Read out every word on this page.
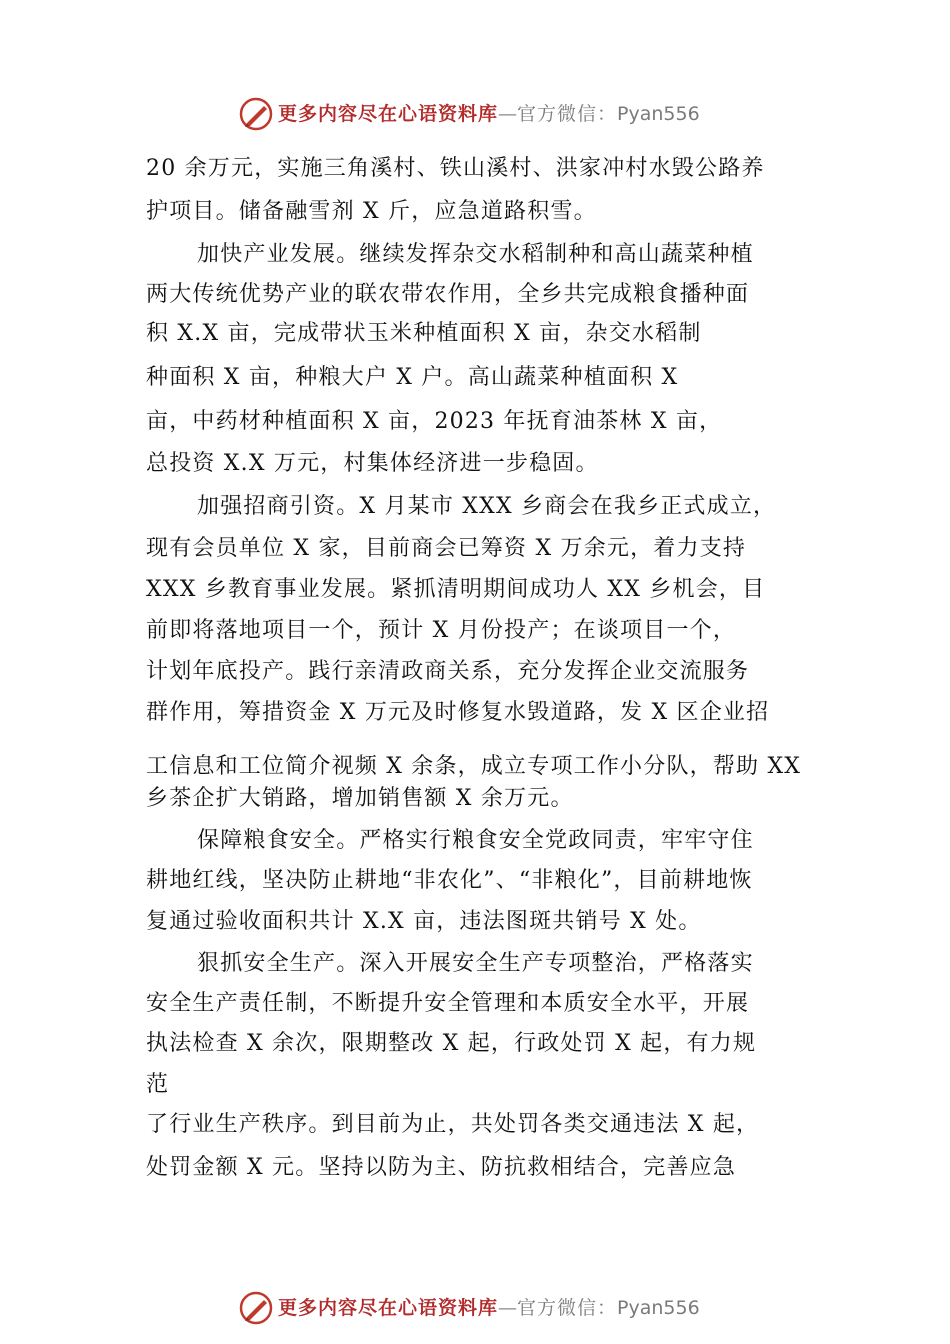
更多内容尽在心语资料库—官方微信：Pyan556
20 余万元，实施三角溪村、铁山溪村、洪家冲村水毁公路养
护项目。储备融雪剂 X 斤，应急道路积雪。
加快产业发展。继续发挥杂交水稻制种和高山蔬菜种植
两大传统优势产业的联农带农作用，全乡共完成粮食播种面
积 X.X 亩，完成带状玉米种植面积 X 亩，杂交水稻制
种面积 X 亩，种粮大户 X 户。高山蔬菜种植面积 X
亩，中药材种植面积 X 亩，2023 年抚育油茶林 X 亩，
总投资 X.X 万元，村集体经济进一步稳固。
加强招商引资。X 月某市 XXX 乡商会在我乡正式成立，
现有会员单位 X 家，目前商会已筹资 X 万余元，着力支持
XXX 乡教育事业发展。紧抓清明期间成功人 XX 乡机会，目
前即将落地项目一个，预计 X 月份投产；在谈项目一个，
计划年底投产。践行亲清政商关系，充分发挥企业交流服务
群作用，筹措资金 X 万元及时修复水毁道路，发 X 区企业招
工信息和工位简介视频 X 余条，成立专项工作小分队，帮助 XX
乡茶企扩大销路，增加销售额 X 余万元。
保障粮食安全。严格实行粮食安全党政同责，牢牢守住
耕地红线，坚决防止耕地“非农化”、“非粮化”，目前耕地恢
复通过验收面积共计 X.X 亩，违法图斑共销号 X 处。
狠抓安全生产。深入开展安全生产专项整治，严格落实
安全生产责任制，不断提升安全管理和本质安全水平，开展
执法检查 X 余次，限期整改 X 起，行政处罚 X 起，有力规
范
了行业生产秩序。到目前为止，共处罚各类交通违法 X 起，
处罚金额 X 元。坚持以防为主、防抗救相结合，完善应急
更多内容尽在心语资料库—官方微信：Pyan556
